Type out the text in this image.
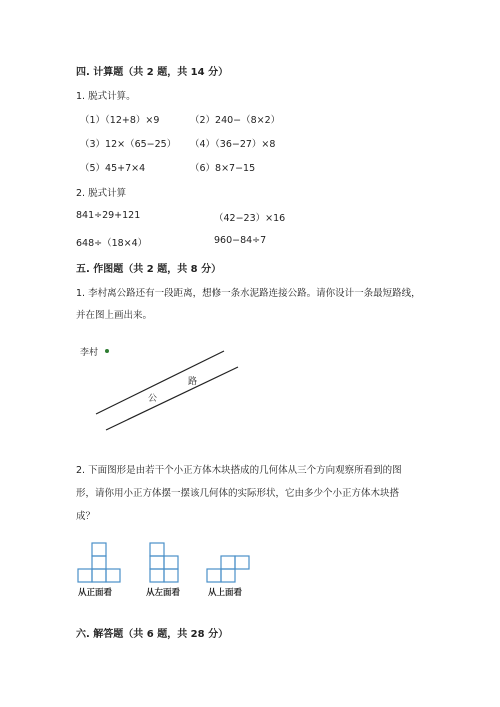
四. 计算题（共 2 题，共 14 分）
1. 脱式计算。
（1）（12+8）×9	（2）240−（8×2）
（3）12×（65−25） （4）（36−27）×8
（5）45+7×4	（6）8×7−15
2. 脱式计算
841÷29+121	（42−23）×16
648÷（18×4）	960−84÷7
五. 作图题（共 2 题，共 8 分）
1. 李村离公路还有一段距离，想修一条水泥路连接公路。请你设计一条最短路线，
并在图上画出来。
李村
公
路
2. 下面图形是由若干个小正方体木块搭成的几何体从三个方向观察所看到的图
形，请你用小正方体摆一摆该几何体的实际形状，它由多少个小正方体木块搭
成？
从正面看	从左面看	从上面看
六. 解答题（共 6 题，共 28 分）
